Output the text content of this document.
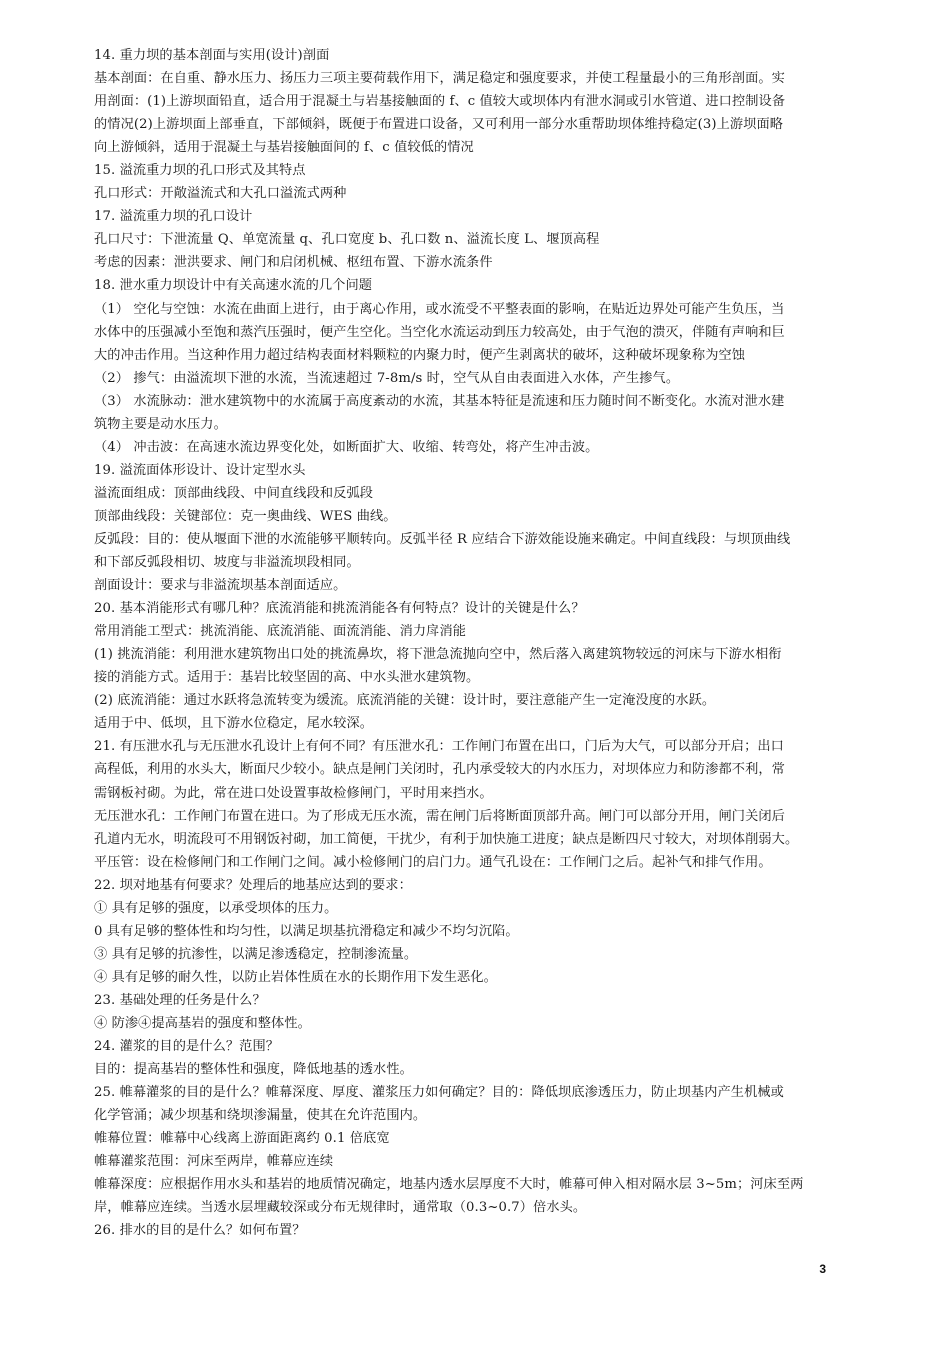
14. 重力坝的基本剖面与实用(设计)剖面
基本剖面：在自重、静水压力、扬压力三项主要荷载作用下，满足稳定和强度要求，并使工程量最小的三角形剖面。实
用剖面：(1)上游坝面铅直，适合用于混凝土与岩基接触面的 f、c 值较大或坝体内有泄水洞或引水管道、进口控制设备
的情况(2)上游坝面上部垂直，下部倾斜，既便于布置进口设备，又可利用一部分水重帮助坝体维持稳定(3)上游坝面略
向上游倾斜，适用于混凝土与基岩接触面间的 f、c 值较低的情况
15. 溢流重力坝的孔口形式及其特点
孔口形式：开敞溢流式和大孔口溢流式两种
17. 溢流重力坝的孔口设计
孔口尺寸：下泄流量 Q、单宽流量 q、孔口宽度 b、孔口数 n、溢流长度 L、堰顶高程
考虑的因素：泄洪要求、闸门和启闭机械、枢纽布置、下游水流条件
18. 泄水重力坝设计中有关高速水流的几个问题
（1） 空化与空蚀：水流在曲面上进行，由于离心作用，或水流受不平整表面的影响，在贴近边界处可能产生负压，当
水体中的压强减小至饱和蒸汽压强时，便产生空化。当空化水流运动到压力较高处，由于气泡的溃灭，伴随有声响和巨
大的冲击作用。当这种作用力超过结构表面材料颗粒的内聚力时，便产生剥离状的破坏，这种破坏现象称为空蚀
（2） 掺气：由溢流坝下泄的水流，当流速超过 7-8m/s 时，空气从自由表面进入水体，产生掺气。
（3） 水流脉动：泄水建筑物中的水流属于高度紊动的水流，其基本特征是流速和压力随时间不断变化。水流对泄水建
筑物主要是动水压力。
（4） 冲击波：在高速水流边界变化处，如断面扩大、收缩、转弯处，将产生冲击波。
19. 溢流面体形设计、设计定型水头
溢流面组成：顶部曲线段、中间直线段和反弧段
顶部曲线段：关键部位：克一奥曲线、WES 曲线。
反弧段：目的：使从堰面下泄的水流能够平顺转向。反弧半径 R 应结合下游效能设施来确定。中间直线段：与坝顶曲线
和下部反弧段相切、坡度与非溢流坝段相同。
剖面设计：要求与非溢流坝基本剖面适应。
20. 基本消能形式有哪几种？底流消能和挑流消能各有何特点？设计的关键是什么？
常用消能工型式：挑流消能、底流消能、面流消能、消力戽消能
(1) 挑流消能：利用泄水建筑物出口处的挑流鼻坎，将下泄急流抛向空中，然后落入离建筑物较远的河床与下游水相衔
接的消能方式。适用于：基岩比较坚固的高、中水头泄水建筑物。
(2) 底流消能：通过水跃将急流转变为缓流。底流消能的关键：设计时，要注意能产生一定淹没度的水跃。
适用于中、低坝，且下游水位稳定，尾水较深。
21. 有压泄水孔与无压泄水孔设计上有何不同？有压泄水孔：工作闸门布置在出口，门后为大气，可以部分开启；出口
高程低，利用的水头大，断面尺少较小。缺点是闸门关闭时，孔内承受较大的内水压力，对坝体应力和防渗都不利，常
需钢板衬砌。为此，常在进口处设置事故检修闸门，平时用来挡水。
无压泄水孔：工作闸门布置在进口。为了形成无压水流，需在闸门后将断面顶部升高。闸门可以部分开用，闸门关闭后
孔道内无水，明流段可不用钢饭衬砌，加工简便，干扰少，有利于加快施工进度；缺点是断四尺寸较大，对坝体削弱大。
平压管：设在检修闸门和工作闸门之间。减小检修闸门的启门力。通气孔设在：工作闸门之后。起补气和排气作用。
22. 坝对地基有何要求？处理后的地基应达到的要求：
① 具有足够的强度，以承受坝体的压力。
0 具有足够的整体性和均匀性，以满足坝基抗滑稳定和减少不均匀沉陷。
③ 具有足够的抗渗性，以满足渗透稳定，控制渗流量。
④ 具有足够的耐久性，以防止岩体性质在水的长期作用下发生恶化。
23. 基础处理的任务是什么？
④ 防渗④提高基岩的强度和整体性。
24. 灌浆的目的是什么？范围？
目的：提高基岩的整体性和强度，降低地基的透水性。
25. 帷幕灌浆的目的是什么？帷幕深度、厚度、灌浆压力如何确定？目的：降低坝底渗透压力，防止坝基内产生机械或
化学管涌；减少坝基和绕坝渗漏量，使其在允许范围内。
帷幕位置：帷幕中心线离上游面距离约 0.1 倍底宽
帷幕灌浆范围：河床至两岸，帷幕应连续
帷幕深度：应根据作用水头和基岩的地质情况确定，地基内透水层厚度不大时，帷幕可伸入相对隔水层 3~5m；河床至两
岸，帷幕应连续。当透水层埋藏较深或分布无规律时，通常取（0.3~0.7）倍水头。
26. 排水的目的是什么？如何布置？
3
